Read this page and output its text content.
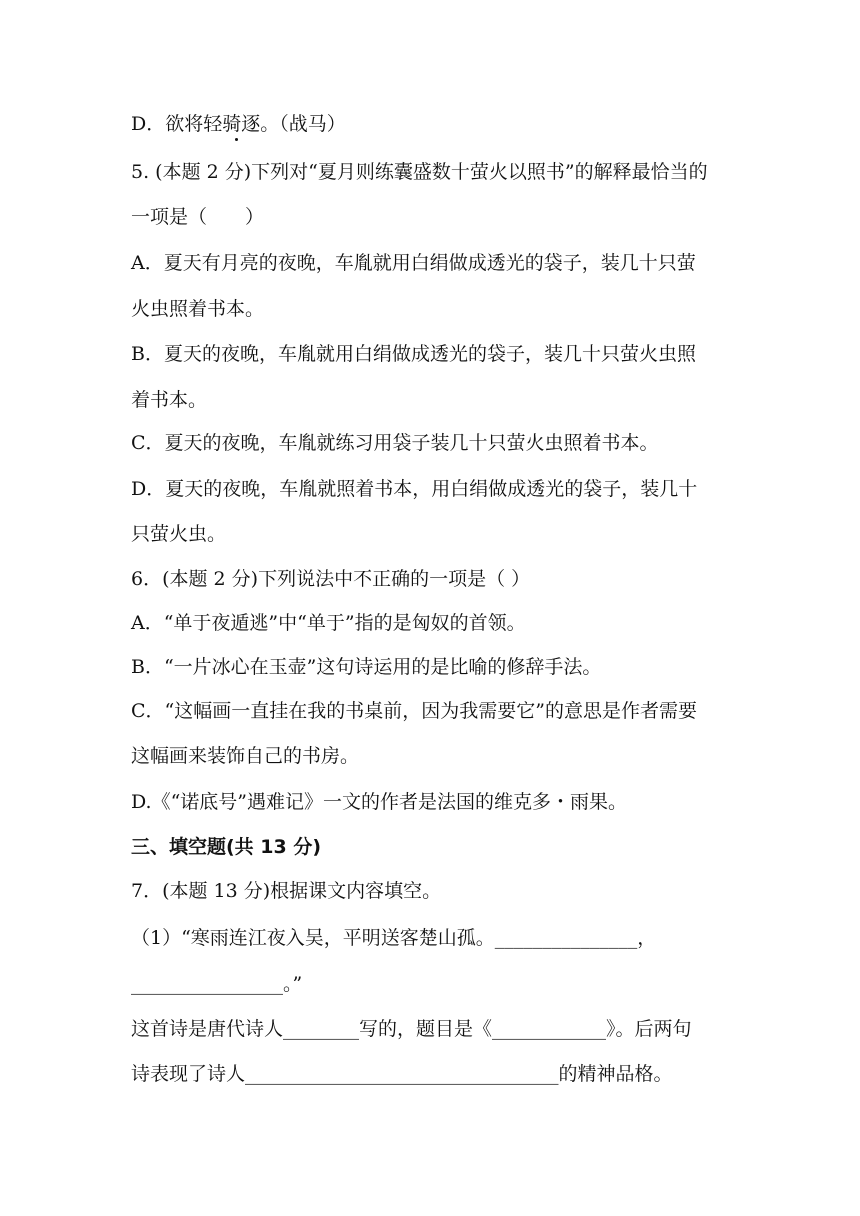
D．欲将轻骑逐。（战马）
5. (本题 2 分)下列对“夏月则练囊盛数十萤火以照书”的解释最恰当的
一项是（　　）
A．夏天有月亮的夜晚，车胤就用白绢做成透光的袋子，装几十只萤
火虫照着书本。
B．夏天的夜晚，车胤就用白绢做成透光的袋子，装几十只萤火虫照
着书本。
C．夏天的夜晚，车胤就练习用袋子装几十只萤火虫照着书本。
D．夏天的夜晚，车胤就照着书本，用白绢做成透光的袋子，装几十
只萤火虫。
6．(本题 2 分)下列说法中不正确的一项是（ ）
A．“单于夜遁逃”中“单于”指的是匈奴的首领。
B．“一片冰心在玉壶”这句诗运用的是比喻的修辞手法。
C．“这幅画一直挂在我的书桌前，因为我需要它”的意思是作者需要
这幅画来装饰自己的书房。
D.《“诺底号”遇难记》一文的作者是法国的维克多・雨果。
三、填空题(共 13 分)
7．(本题 13 分)根据课文内容填空。
（1）“寒雨连江夜入吴，平明送客楚山孤。_______________，
________________。”
这首诗是唐代诗人________写的，题目是《____________》。后两句
诗表现了诗人_________________________________的精神品格。
